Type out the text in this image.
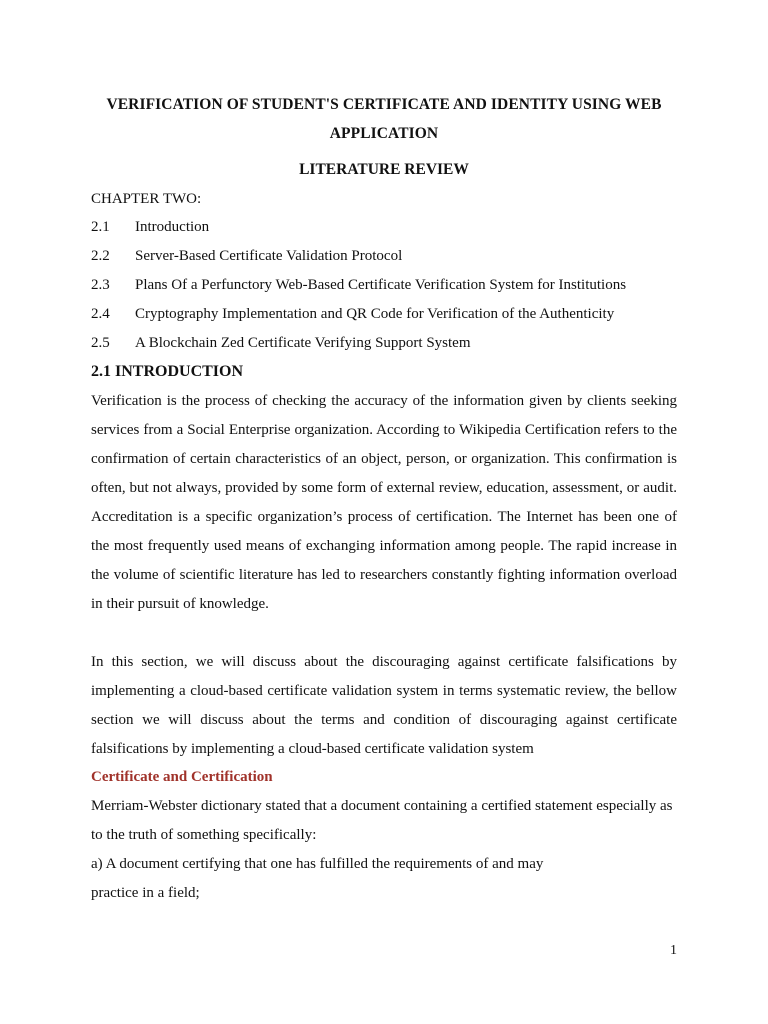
VERIFICATION OF STUDENT'S CERTIFICATE AND IDENTITY USING WEB APPLICATION
LITERATURE REVIEW
CHAPTER TWO:
2.1 Introduction
2.2 Server-Based Certificate Validation Protocol
2.3 Plans Of a Perfunctory Web-Based Certificate Verification System for Institutions
2.4 Cryptography Implementation and QR Code for Verification of the Authenticity
2.5 A Blockchain Zed Certificate Verifying Support System
2.1 INTRODUCTION

Verification is the process of checking the accuracy of the information given by clients seeking services from a Social Enterprise organization. According to Wikipedia Certification refers to the confirmation of certain characteristics of an object, person, or organization. This confirmation is often, but not always, provided by some form of external review, education, assessment, or audit. Accreditation is a specific organization’s process of certification. The Internet has been one of the most frequently used means of exchanging information among people. The rapid increase in the volume of scientific literature has led to researchers constantly fighting information overload in their pursuit of knowledge.

In this section, we will discuss about the discouraging against certificate falsifications by implementing a cloud-based certificate validation system in terms systematic review, the bellow section we will discuss about the terms and condition of discouraging against certificate falsifications by implementing a cloud-based certificate validation system

Certificate and Certification

Merriam-Webster dictionary stated that a document containing a certified statement especially as to the truth of something specifically:

a) A document certifying that one has fulfilled the requirements of and may
practice in a field;
1
